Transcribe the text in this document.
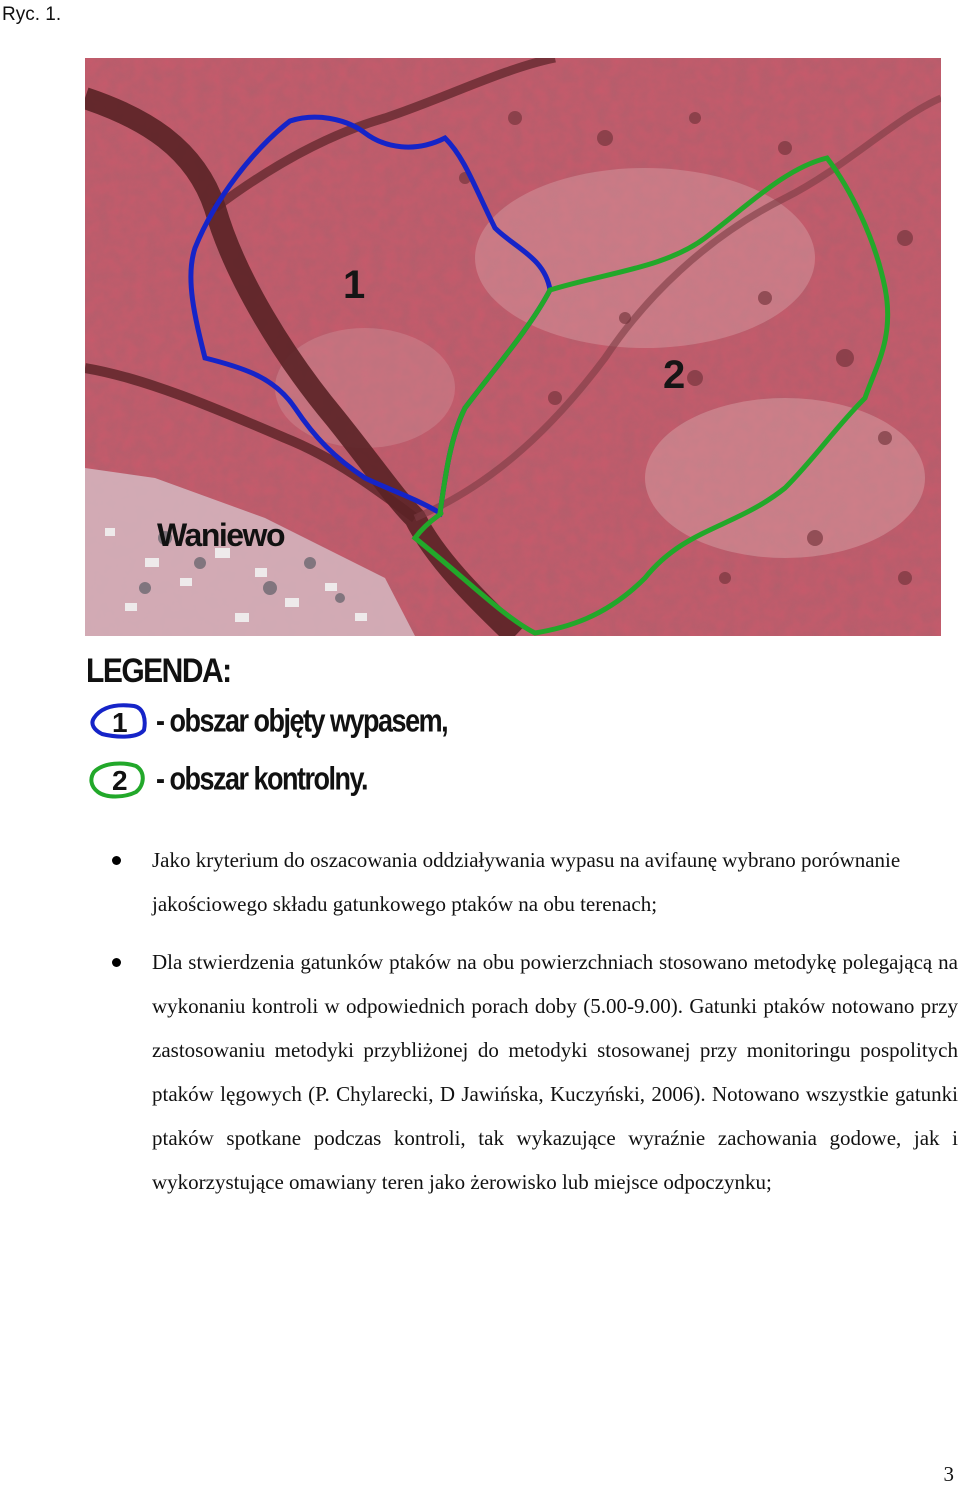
Ryc. 1.
1
2
Waniewo
LEGENDA:
1 - obszar objęty wypasem,
2 - obszar kontrolny.
Jako kryterium do oszacowania oddziaływania wypasu na avifaunę wybrano porównanie jakościowego składu gatunkowego ptaków na obu terenach;
Dla stwierdzenia gatunków ptaków na obu powierzchniach stosowano metodykę polegającą na wykonaniu kontroli w odpowiednich porach doby (5.00-9.00). Gatunki ptaków notowano przy zastosowaniu metodyki przybliżonej do metodyki stosowanej przy monitoringu pospolitych ptaków lęgowych (P. Chylarecki, D Jawińska, Kuczyński, 2006). Notowano wszystkie gatunki ptaków spotkane podczas kontroli, tak wykazujące wyraźnie zachowania godowe, jak i wykorzystujące omawiany teren jako żerowisko lub miejsce odpoczynku;
3
